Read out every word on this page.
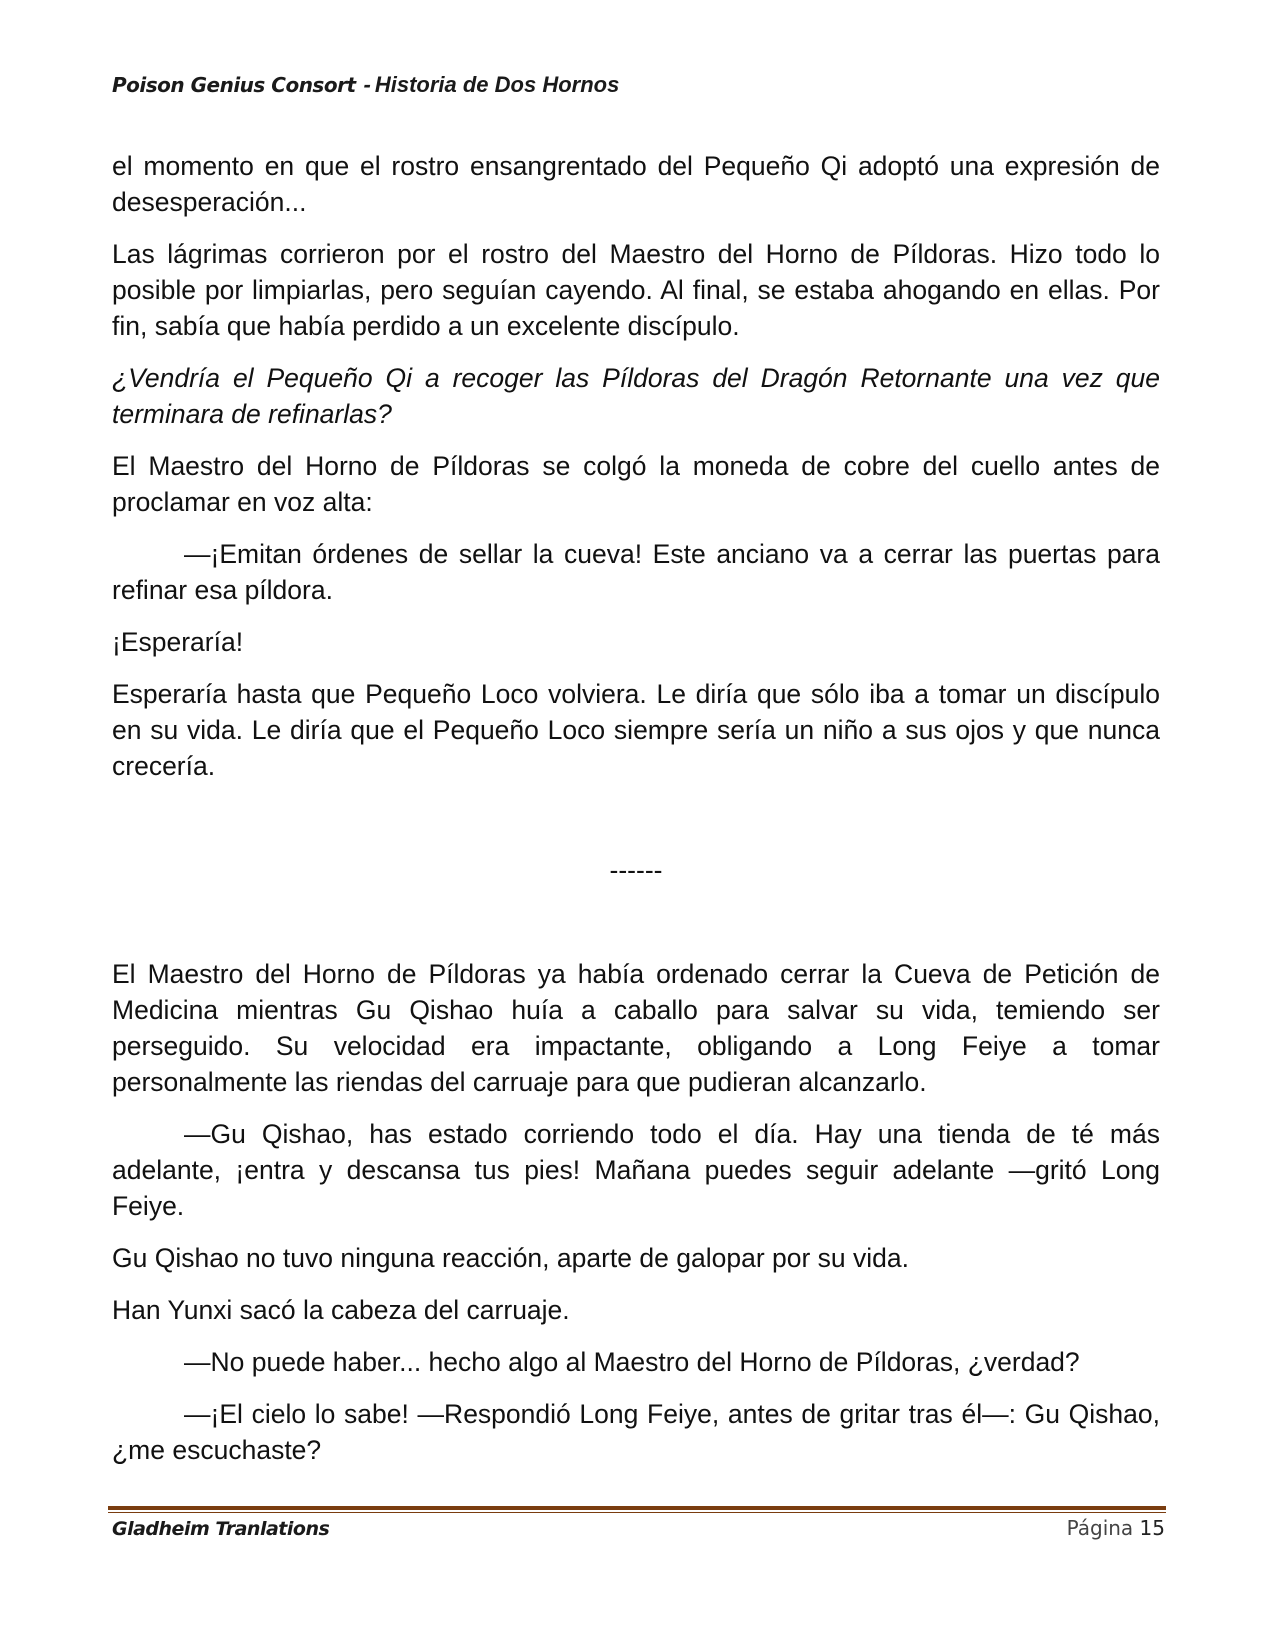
Poison Genius Consort - Historia de Dos Hornos

el momento en que el rostro ensangrentado del Pequeño Qi adoptó una expresión de desesperación...

Las lágrimas corrieron por el rostro del Maestro del Horno de Píldoras. Hizo todo lo posible por limpiarlas, pero seguían cayendo. Al final, se estaba ahogando en ellas. Por fin, sabía que había perdido a un excelente discípulo.

¿Vendría el Pequeño Qi a recoger las Píldoras del Dragón Retornante una vez que terminara de refinarlas?

El Maestro del Horno de Píldoras se colgó la moneda de cobre del cuello antes de proclamar en voz alta:

—¡Emitan órdenes de sellar la cueva! Este anciano va a cerrar las puertas para refinar esa píldora.

¡Esperaría!

Esperaría hasta que Pequeño Loco volviera. Le diría que sólo iba a tomar un discípulo en su vida. Le diría que el Pequeño Loco siempre sería un niño a sus ojos y que nunca crecería.

------

El Maestro del Horno de Píldoras ya había ordenado cerrar la Cueva de Petición de Medicina mientras Gu Qishao huía a caballo para salvar su vida, temiendo ser perseguido. Su velocidad era impactante, obligando a Long Feiye a tomar personalmente las riendas del carruaje para que pudieran alcanzarlo.

—Gu Qishao, has estado corriendo todo el día. Hay una tienda de té más adelante, ¡entra y descansa tus pies! Mañana puedes seguir adelante —gritó Long Feiye.

Gu Qishao no tuvo ninguna reacción, aparte de galopar por su vida.

Han Yunxi sacó la cabeza del carruaje.

—No puede haber... hecho algo al Maestro del Horno de Píldoras, ¿verdad?

—¡El cielo lo sabe! —Respondió Long Feiye, antes de gritar tras él—: Gu Qishao, ¿me escuchaste?

Gladheim Tranlations	Página 15
